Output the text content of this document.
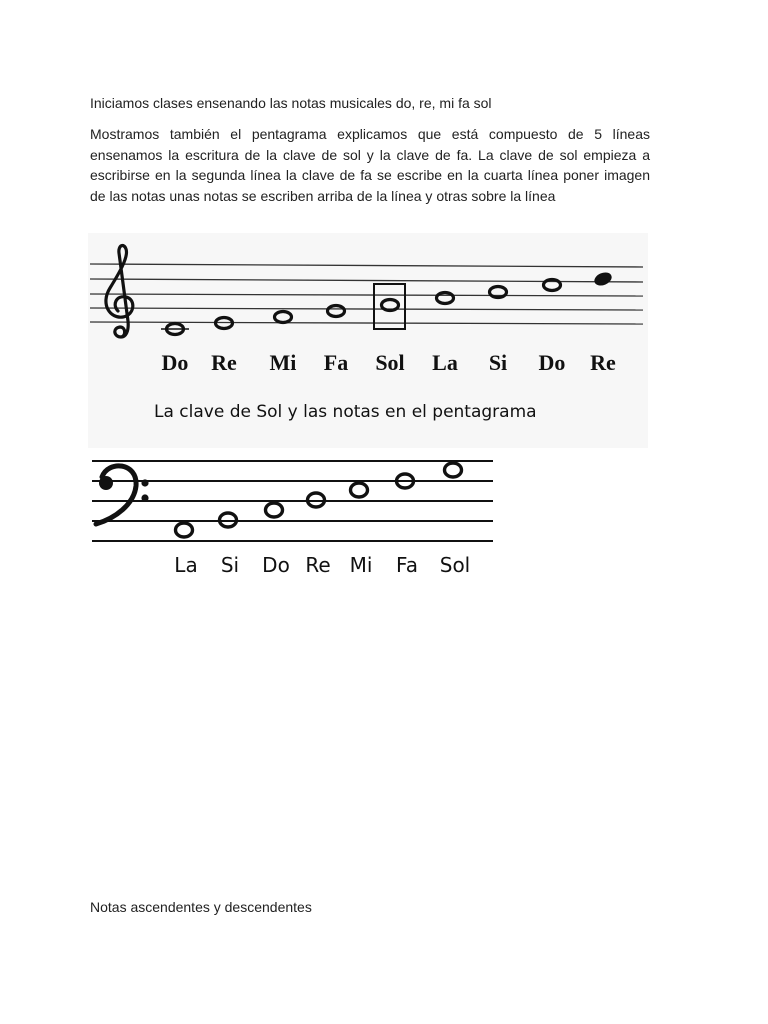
Iniciamos clases ensenando las notas musicales do, re, mi fa sol

Mostramos también el pentagrama explicamos que está compuesto de 5 líneas ensenamos la escritura de la clave de sol y la clave de fa. La clave de sol empieza a escribirse en la segunda línea la clave de fa se escribe en la cuarta línea poner imagen de las notas unas notas se escriben arriba de la línea y otras sobre la línea

Do Re Mi Fa Sol La Si Do Re
La clave de Sol y las notas en el pentagrama
La Si Do Re Mi Fa Sol

Notas ascendentes y descendentes
